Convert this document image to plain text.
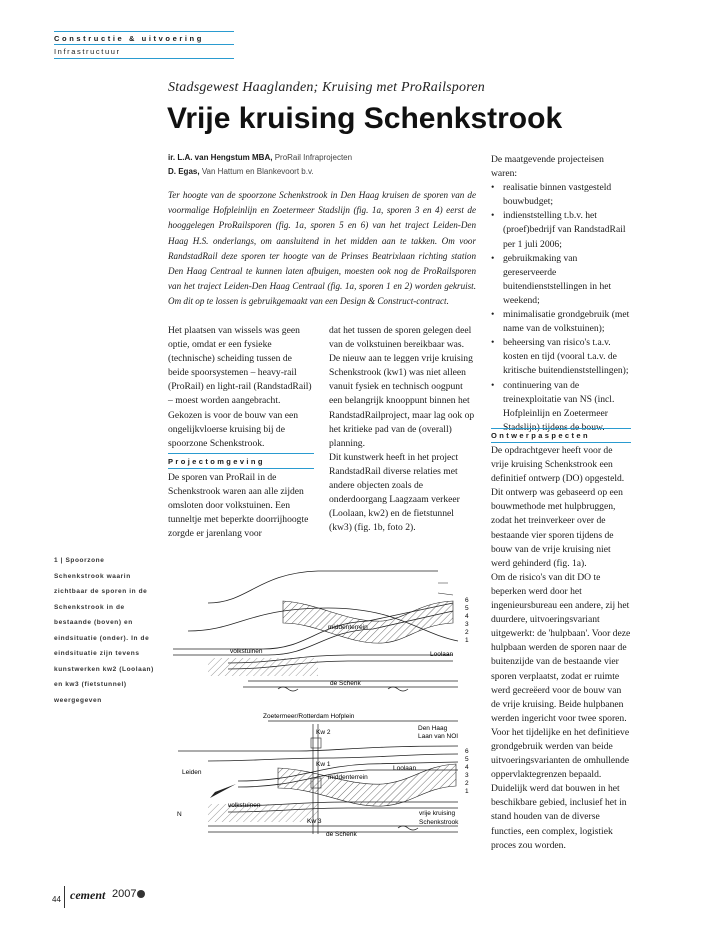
Constructie & uitvoering
Infrastructuur
Stadsgewest Haaglanden; Kruising met ProRailsporen
Vrije kruising Schenkstrook
ir. L.A. van Hengstum MBA, ProRail Infraprojecten
D. Egas, Van Hattum en Blankevoort b.v.
Ter hoogte van de spoorzone Schenkstrook in Den Haag kruisen de sporen van de voormalige Hofpleinlijn en Zoetermeer Stadslijn (fig. 1a, sporen 3 en 4) eerst de hooggelegen ProRailsporen (fig. 1a, sporen 5 en 6) van het traject Leiden-Den Haag H.S. onderlangs, om aansluitend in het midden aan te takken. Om voor RandstadRail deze sporen ter hoogte van de Prinses Beatrixlaan richting station Den Haag Centraal te kunnen laten afbuigen, moesten ook nog de ProRailsporen van het traject Leiden-Den Haag Centraal (fig. 1a, sporen 1 en 2) worden gekruist. Om dit op te lossen is gebruikgemaakt van een Design & Construct-contract.
Het plaatsen van wissels was geen optie, omdat er een fysieke (technische) scheiding tussen de beide spoorsystemen – heavy-rail (ProRail) en light-rail (RandstadRail) – moest worden aangebracht. Gekozen is voor de bouw van een ongelijkvloerse kruising bij de spoorzone Schenkstrook.
Projectomgeving
De sporen van ProRail in de Schenkstrook waren aan alle zijden omsloten door volkstuinen. Een tunneltje met beperkte doorrijhoogte zorgde er jarenlang voor
dat het tussen de sporen gelegen deel van de volkstuinen bereikbaar was. De nieuw aan te leggen vrije kruising Schenkstrook (kw1) was niet alleen vanuit fysiek en technisch oogpunt een belangrijk knooppunt binnen het RandstadRailproject, maar lag ook op het kritieke pad van de (overall) planning.
Dit kunstwerk heeft in het project RandstadRail diverse relaties met andere objecten zoals de onderdoorgang Laagzaam verkeer (Loolaan, kw2) en de fietstunnel (kw3) (fig. 1b, foto 2).
De maatgevende projecteisen waren:
• realisatie binnen vastgesteld bouwbudget;
• indienststelling t.b.v. het (proef)bedrijf van RandstadRail per 1 juli 2006;
• gebruikmaking van gereserveerde buitendienststellingen in het weekend;
• minimalisatie grondgebruik (met name van de volkstuinen);
• beheersing van risico's t.a.v. kosten en tijd (vooral t.a.v. de kritische buitendienststellingen);
• continuering van de treinexploitatie van NS (incl. Hofpleinlijn en Zoetermeer
Ontwerpaspecten
De opdrachtgever heeft voor de vrije kruising Schenkstrook een definitief ontwerp (DO) opgesteld. Dit ontwerp was gebaseerd op een bouwmethode met hulpbruggen, zodat het treinverkeer over de bestaande vier sporen tijdens de bouw van de vrije kruising niet werd gehinderd (fig. 1a).
Om de risico's van dit DO te beperken werd door het ingenieursbureau een andere, zij het duurdere, uitvoeringsvariant uitgewerkt: de 'hulpbaan'. Voor deze hulpbaan werden de sporen naar de buitenzijde van de bestaande vier sporen verplaatst, zodat er ruimte werd gecreëerd voor de bouw van de vrije kruising. Beide hulpbanen werden ingericht voor twee sporen.
Voor het tijdelijke en het definitieve grondgebruik werden van beide uitvoeringsvarianten de omhullende oppervlaktegrenzen bepaald. Duidelijk werd dat bouwen in het beschikbare gebied, inclusief het in stand houden van de diverse functies, een complex, logistiek proces zou worden.
1 | Spoorzone Schenkstrook waarin zichtbaar de sporen in de Schenkstrook in de bestaande (boven) en eindsituatie (onder). In de eindsituatie zijn tevens kunstwerken kw2 (Loolaan) en kw3 (fietstunnel) weergegeven
6
5
4
3
2
1
middenterrein
volkstuinen	Loolaan
de Schenk
Zoetermeer/Rotterdam Hofplein
Kw 2
Den Haag
Laan van NOI
6
5
4
3
2
1
Leiden
Kw 1
middenterrein
Loolaan
volkstuinen
Kw 3
vrije kruising
Schenkstrook
de Schenk
N
44 cement 2007
